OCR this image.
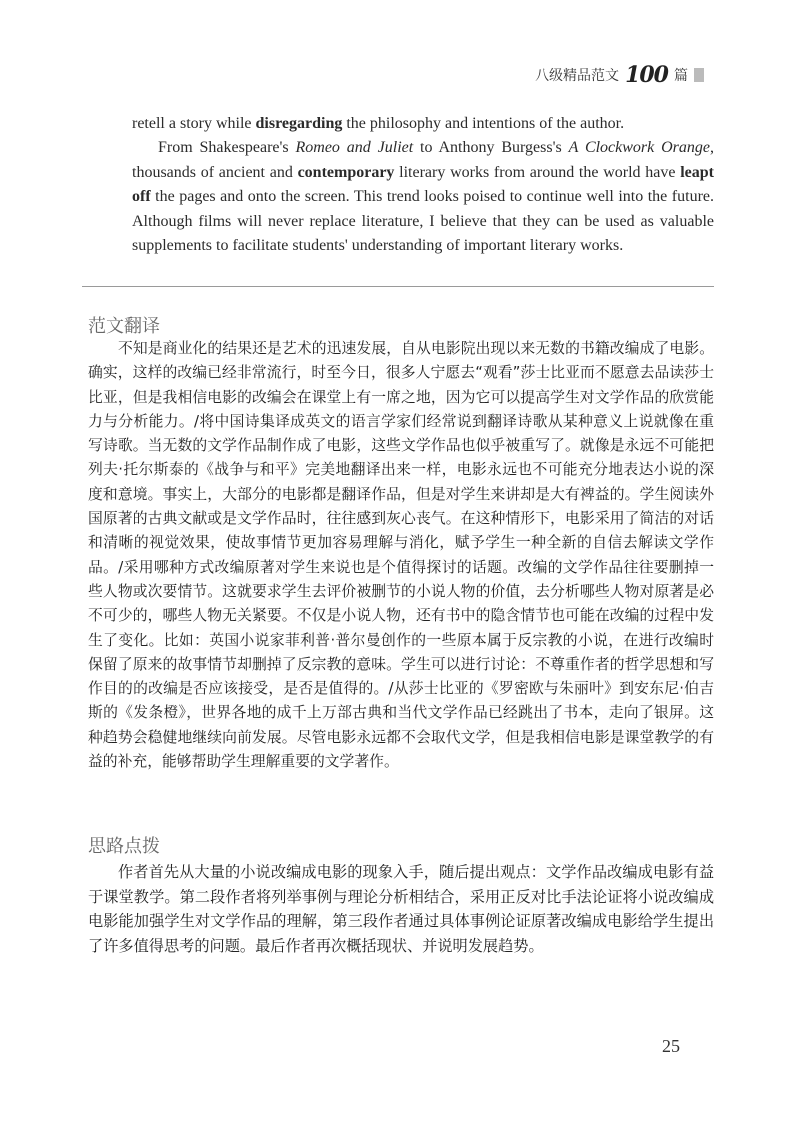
八级精品范文 100 篇

retell a story while disregarding the philosophy and intentions of the author.

From Shakespeare's Romeo and Juliet to Anthony Burgess's A Clockwork Orange, thousands of ancient and contemporary literary works from around the world have leapt off the pages and onto the screen. This trend looks poised to continue well into the future. Although films will never replace literature, I believe that they can be used as valuable supplements to facilitate students' understanding of important literary works.

范文翻译

不知是商业化的结果还是艺术的迅速发展，自从电影院出现以来无数的书籍改编成了电影。确实，这样的改编已经非常流行，时至今日，很多人宁愿去“观看”莎士比亚而不愿意去品读莎士比亚，但是我相信电影的改编会在课堂上有一席之地，因为它可以提高学生对文学作品的欣赏能力与分析能力。/将中国诗集译成英文的语言学家们经常说到翻译诗歌从某种意义上说就像在重写诗歌。当无数的文学作品制作成了电影，这些文学作品也似乎被重写了。就像是永远不可能把列夫·托尔斯泰的《战争与和平》完美地翻译出来一样，电影永远也不可能充分地表达小说的深度和意境。事实上，大部分的电影都是翻译作品，但是对学生来讲却是大有裨益的。学生阅读外国原著的古典文献或是文学作品时，往往感到灰心丧气。在这种情形下，电影采用了简洁的对话和清晰的视觉效果，使故事情节更加容易理解与消化，赋予学生一种全新的自信去解读文学作品。/采用哪种方式改编原著对学生来说也是个值得探讨的话题。改编的文学作品往往要删掉一些人物或次要情节。这就要求学生去评价被删节的小说人物的价值，去分析哪些人物对原著是必不可少的，哪些人物无关紧要。不仅是小说人物，还有书中的隐含情节也可能在改编的过程中发生了变化。比如：英国小说家菲利普·普尔曼创作的一些原本属于反宗教的小说，在进行改编时保留了原来的故事情节却删掉了反宗教的意味。学生可以进行讨论：不尊重作者的哲学思想和写作目的的改编是否应该接受，是否是值得的。/从莎士比亚的《罗密欧与朱丽叶》到安东尼·伯吉斯的《发条橙》，世界各地的成千上万部古典和当代文学作品已经跳出了书本，走向了银屏。这种趋势会稳健地继续向前发展。尽管电影永远都不会取代文学，但是我相信电影是课堂教学的有益的补充，能够帮助学生理解重要的文学著作。

思路点拨

作者首先从大量的小说改编成电影的现象入手，随后提出观点：文学作品改编成电影有益于课堂教学。第二段作者将列举事例与理论分析相结合，采用正反对比手法论证将小说改编成电影能加强学生对文学作品的理解，第三段作者通过具体事例论证原著改编成电影给学生提出了许多值得思考的问题。最后作者再次概括现状、并说明发展趋势。

25
